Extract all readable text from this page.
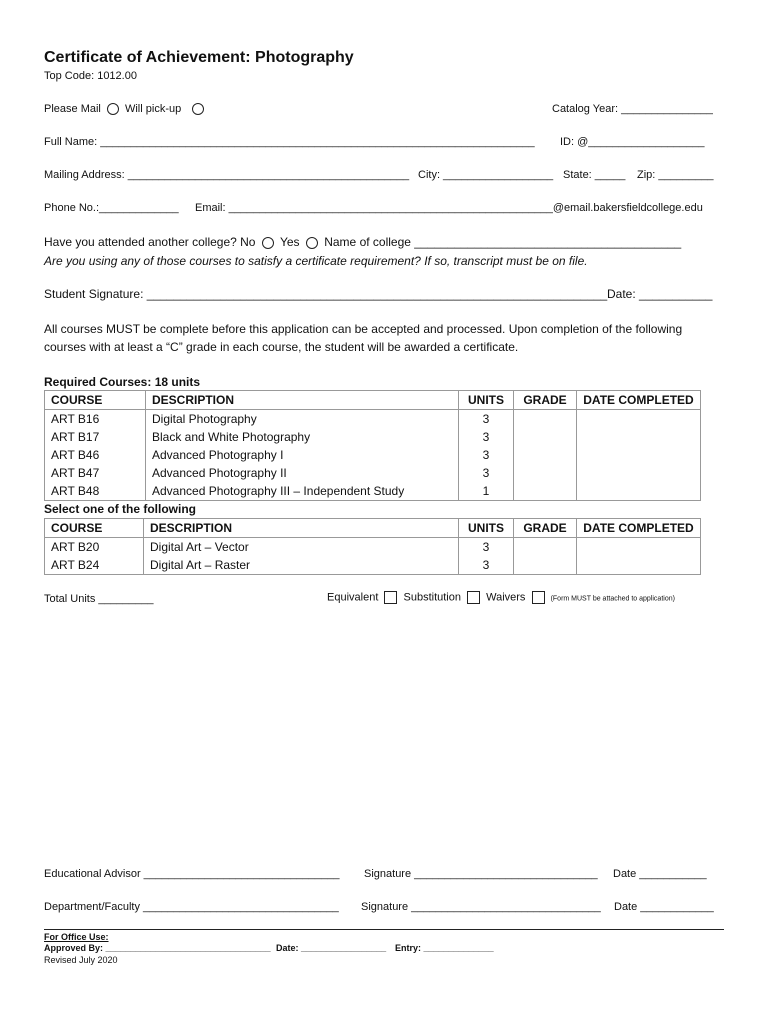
Certificate of Achievement: Photography
Top Code: 1012.00
Please Mail Will pick-up	Catalog Year: _______________
Full Name: _______________________________________________________________________ ID: @___________________
Mailing Address: ______________________________________________ City: __________________ State: _____ Zip: _________
Phone No.:_____________ Email: _____________________________________________________@email.bakersfieldcollege.edu
Have you attended another college? No Yes Name of college ________________________________________
Are you using any of those courses to satisfy a certificate requirement? If so, transcript must be on file.
Student Signature: _____________________________________________________________________ Date: ___________
All courses MUST be complete before this application can be accepted and processed. Upon completion of the following
courses with at least a “C” grade in each course, the student will be awarded a certificate.
Required Courses: 18 units
COURSE	DESCRIPTION	UNITS	GRADE	DATE COMPLETED
ART B16	Digital Photography	3		
ART B17	Black and White Photography	3		
ART B46	Advanced Photography I	3		
ART B47	Advanced Photography II	3		
ART B48	Advanced Photography III – Independent Study	1		
Select one of the following
COURSE	DESCRIPTION	UNITS	GRADE	DATE COMPLETED
ART B20	Digital Art – Vector	3		
ART B24	Digital Art – Raster	3		
Total Units _________	Equivalent Substitution Waivers	(Form MUST be attached to application)
Educational Advisor ________________________________ Signature ______________________________ Date ___________
Department/Faculty ________________________________ Signature _______________________________ Date ____________
For Office Use:
Approved By: _________________________________ Date: _________________ Entry: ______________
Revised July 2020
